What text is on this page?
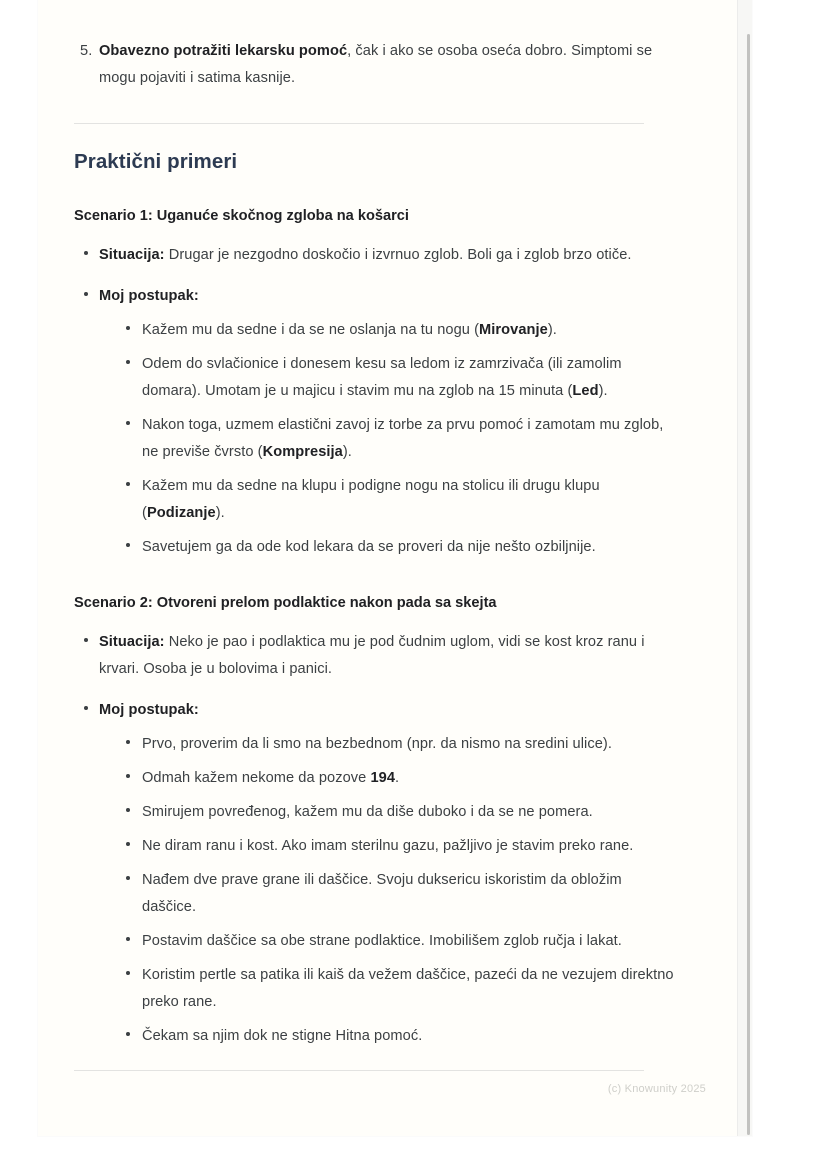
5. Obavezno potražiti lekarsku pomoć, čak i ako se osoba oseća dobro. Simptomi se mogu pojaviti i satima kasnije.
Praktični primeri
Scenario 1: Uganuće skočnog zgloba na košarci
Situacija: Drugar je nezgodno doskočio i izvrnuo zglob. Boli ga i zglob brzo otiče.
Moj postupak:
Kažem mu da sedne i da se ne oslanja na tu nogu (Mirovanje).
Odem do svlačionice i donesem kesu sa ledom iz zamrzivača (ili zamolim domara). Umotam je u majicu i stavim mu na zglob na 15 minuta (Led).
Nakon toga, uzmem elastični zavoj iz torbe za prvu pomoć i zamotam mu zglob, ne previše čvrsto (Kompresija).
Kažem mu da sedne na klupu i podigne nogu na stolicu ili drugu klupu (Podizanje).
Savetujem ga da ode kod lekara da se proveri da nije nešto ozbiljnije.
Scenario 2: Otvoreni prelom podlaktice nakon pada sa skejta
Situacija: Neko je pao i podlaktica mu je pod čudnim uglom, vidi se kost kroz ranu i krvari. Osoba je u bolovima i panici.
Moj postupak:
Prvo, proverim da li smo na bezbednom (npr. da nismo na sredini ulice).
Odmah kažem nekome da pozove 194.
Smirujem povređenog, kažem mu da diše duboko i da se ne pomera.
Ne diram ranu i kost. Ako imam sterilnu gazu, pažljivo je stavim preko rane.
Nađem dve prave grane ili daščice. Svoju duksericu iskoristim da obložim daščice.
Postavim daščice sa obe strane podlaktice. Imobilišem zglob ručja i lakat.
Koristim pertle sa patika ili kaiš da vežem daščice, pazeći da ne vezujem direktno preko rane.
Čekam sa njim dok ne stigne Hitna pomoć.
(c) Knowunity 2025
